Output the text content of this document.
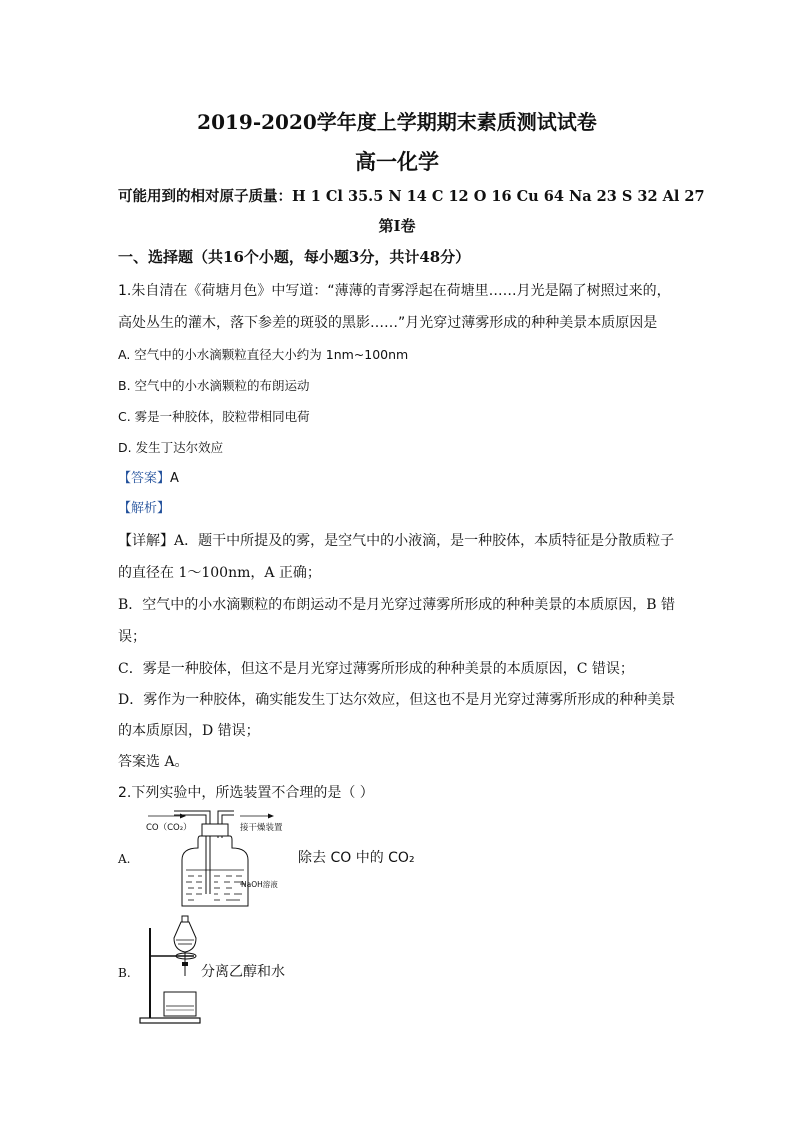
2019-2020学年度上学期期末素质测试试卷
高一化学
可能用到的相对原子质量：H 1 Cl 35.5 N 14 C 12 O 16 Cu 64 Na 23 S 32 Al 27
第Ⅰ卷
一、选择题（共16个小题，每小题3分，共计48分）
1.朱自清在《荷塘月色》中写道：“薄薄的青雾浮起在荷塘里……月光是隔了树照过来的，
高处丛生的灌木，落下参差的斑驳的黑影……”月光穿过薄雾形成的种种美景本质原因是
A. 空气中的小水滴颗粒直径大小约为 1nm~100nm
B. 空气中的小水滴颗粒的布朗运动
C. 雾是一种胶体，胶粒带相同电荷
D. 发生丁达尔效应
【答案】A
【解析】
【详解】A．题干中所提及的雾，是空气中的小液滴，是一种胶体，本质特征是分散质粒子
的直径在 1～100nm，A 正确；
B．空气中的小水滴颗粒的布朗运动不是月光穿过薄雾所形成的种种美景的本质原因，B 错
误；
C．雾是一种胶体，但这不是月光穿过薄雾所形成的种种美景的本质原因，C 错误；
D．雾作为一种胶体，确实能发生丁达尔效应，但这也不是月光穿过薄雾所形成的种种美景
的本质原因，D 错误；
答案选 A。
2.下列实验中，所选装置不合理的是（ ）
A.	除去 CO 中的 CO₂
CO（CO₂）	接干燥装置
NaOH溶液
B.	分离乙醇和水
